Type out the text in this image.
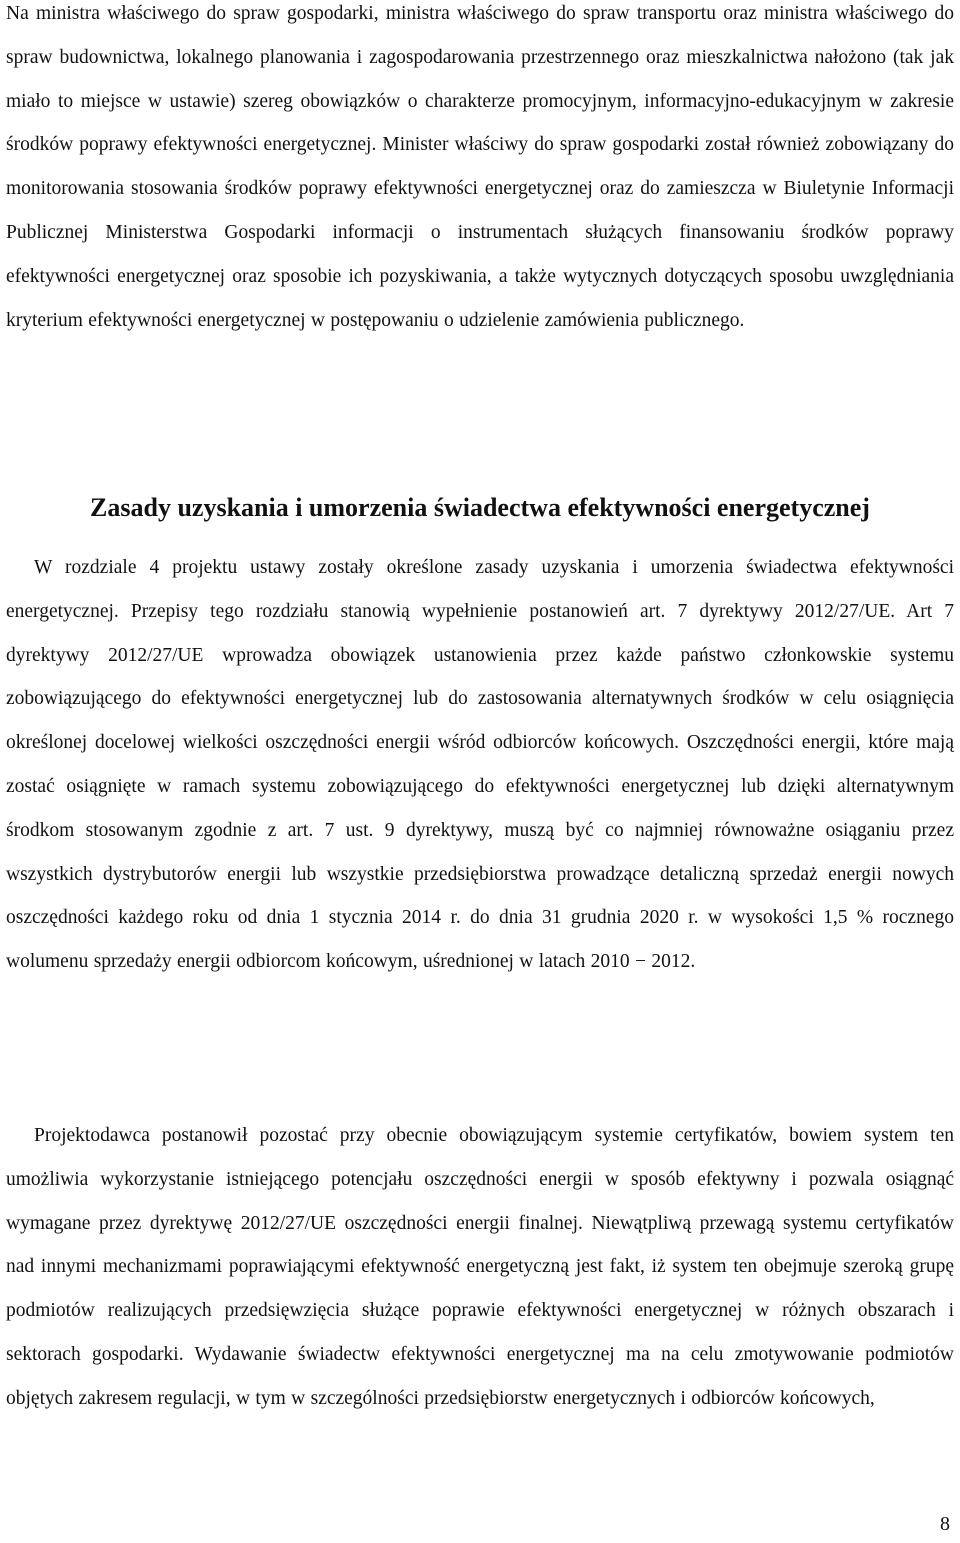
Na ministra właściwego do spraw gospodarki, ministra właściwego do spraw transportu oraz ministra właściwego do spraw budownictwa, lokalnego planowania i zagospodarowania przestrzennego oraz mieszkalnictwa nałożono (tak jak miało to miejsce w ustawie) szereg obowiązków o charakterze promocyjnym, informacyjno-edukacyjnym w zakresie środków poprawy efektywności energetycznej. Minister właściwy do spraw gospodarki został również zobowiązany do monitorowania stosowania środków poprawy efektywności energetycznej oraz do zamieszcza w Biuletynie Informacji Publicznej Ministerstwa Gospodarki informacji o instrumentach służących finansowaniu środków poprawy efektywności energetycznej oraz sposobie ich pozyskiwania, a także wytycznych dotyczących sposobu uwzględniania kryterium efektywności energetycznej w postępowaniu o udzielenie zamówienia publicznego.

Zasady uzyskania i umorzenia świadectwa efektywności energetycznej

W rozdziale 4 projektu ustawy zostały określone zasady uzyskania i umorzenia świadectwa efektywności energetycznej. Przepisy tego rozdziału stanowią wypełnienie postanowień art. 7 dyrektywy 2012/27/UE. Art 7 dyrektywy 2012/27/UE wprowadza obowiązek ustanowienia przez każde państwo członkowskie systemu zobowiązującego do efektywności energetycznej lub do zastosowania alternatywnych środków w celu osiągnięcia określonej docelowej wielkości oszczędności energii wśród odbiorców końcowych. Oszczędności energii, które mają zostać osiągnięte w ramach systemu zobowiązującego do efektywności energetycznej lub dzięki alternatywnym środkom stosowanym zgodnie z art. 7 ust. 9 dyrektywy, muszą być co najmniej równoważne osiąganiu przez wszystkich dystrybutorów energii lub wszystkie przedsiębiorstwa prowadzące detaliczną sprzedaż energii nowych oszczędności każdego roku od dnia 1 stycznia 2014 r. do dnia 31 grudnia 2020 r. w wysokości 1,5 % rocznego wolumenu sprzedaży energii odbiorcom końcowym, uśrednionej w latach 2010 − 2012.

Projektodawca postanowił pozostać przy obecnie obowiązującym systemie certyfikatów, bowiem system ten umożliwia wykorzystanie istniejącego potencjału oszczędności energii w sposób efektywny i pozwala osiągnąć wymagane przez dyrektywę 2012/27/UE oszczędności energii finalnej. Niewątpliwą przewagą systemu certyfikatów nad innymi mechanizmami poprawiającymi efektywność energetyczną jest fakt, iż system ten obejmuje szeroką grupę podmiotów realizujących przedsięwzięcia służące poprawie efektywności energetycznej w różnych obszarach i sektorach gospodarki. Wydawanie świadectw efektywności energetycznej ma na celu zmotywowanie podmiotów objętych zakresem regulacji, w tym w szczególności przedsiębiorstw energetycznych i odbiorców końcowych,

8
